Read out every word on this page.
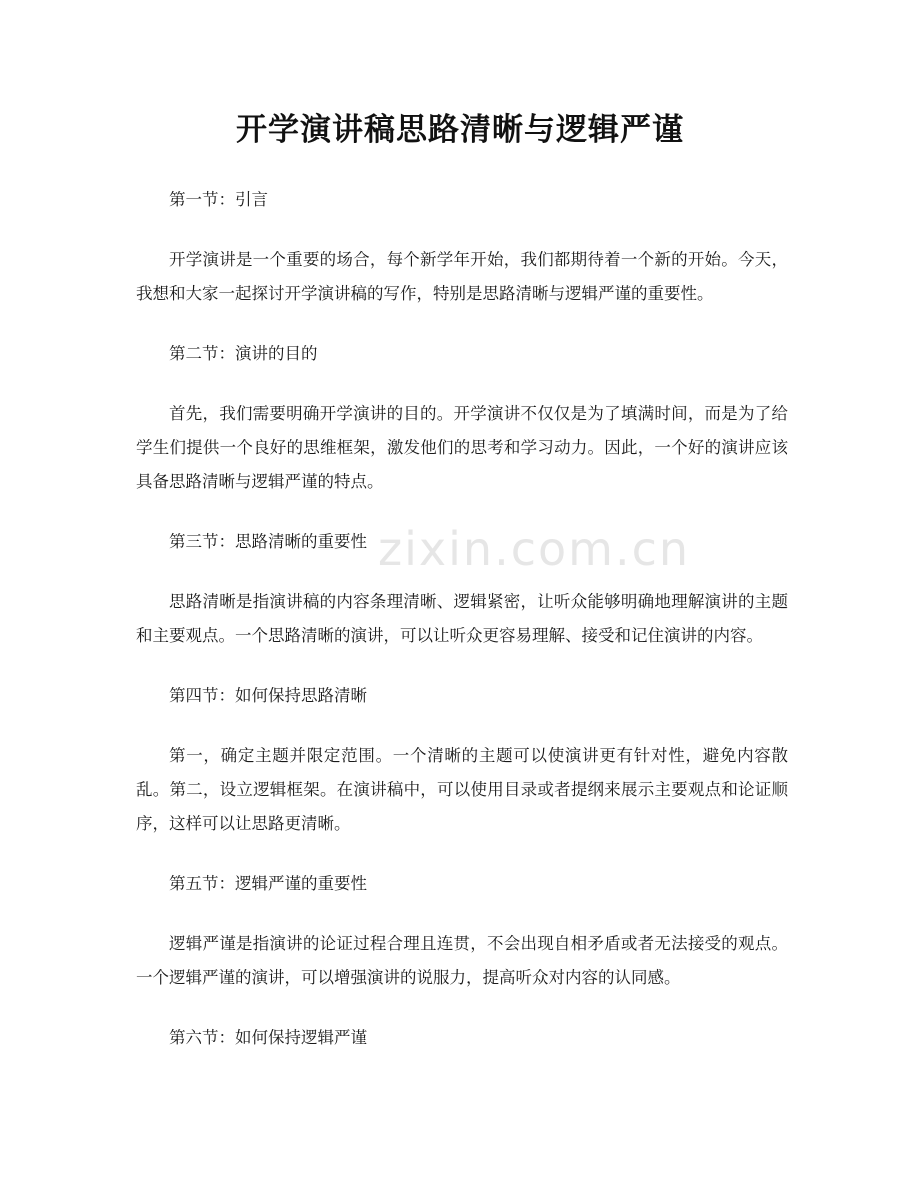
zixin.com.cn
开学演讲稿思路清晰与逻辑严谨

第一节：引言

开学演讲是一个重要的场合，每个新学年开始，我们都期待着一个新的开始。今天，我想和大家一起探讨开学演讲稿的写作，特别是思路清晰与逻辑严谨的重要性。

第二节：演讲的目的

首先，我们需要明确开学演讲的目的。开学演讲不仅仅是为了填满时间，而是为了给学生们提供一个良好的思维框架，激发他们的思考和学习动力。因此，一个好的演讲应该具备思路清晰与逻辑严谨的特点。

第三节：思路清晰的重要性

思路清晰是指演讲稿的内容条理清晰、逻辑紧密，让听众能够明确地理解演讲的主题和主要观点。一个思路清晰的演讲，可以让听众更容易理解、接受和记住演讲的内容。

第四节：如何保持思路清晰

第一，确定主题并限定范围。一个清晰的主题可以使演讲更有针对性，避免内容散乱。第二，设立逻辑框架。在演讲稿中，可以使用目录或者提纲来展示主要观点和论证顺序，这样可以让思路更清晰。

第五节：逻辑严谨的重要性

逻辑严谨是指演讲的论证过程合理且连贯，不会出现自相矛盾或者无法接受的观点。一个逻辑严谨的演讲，可以增强演讲的说服力，提高听众对内容的认同感。

第六节：如何保持逻辑严谨
